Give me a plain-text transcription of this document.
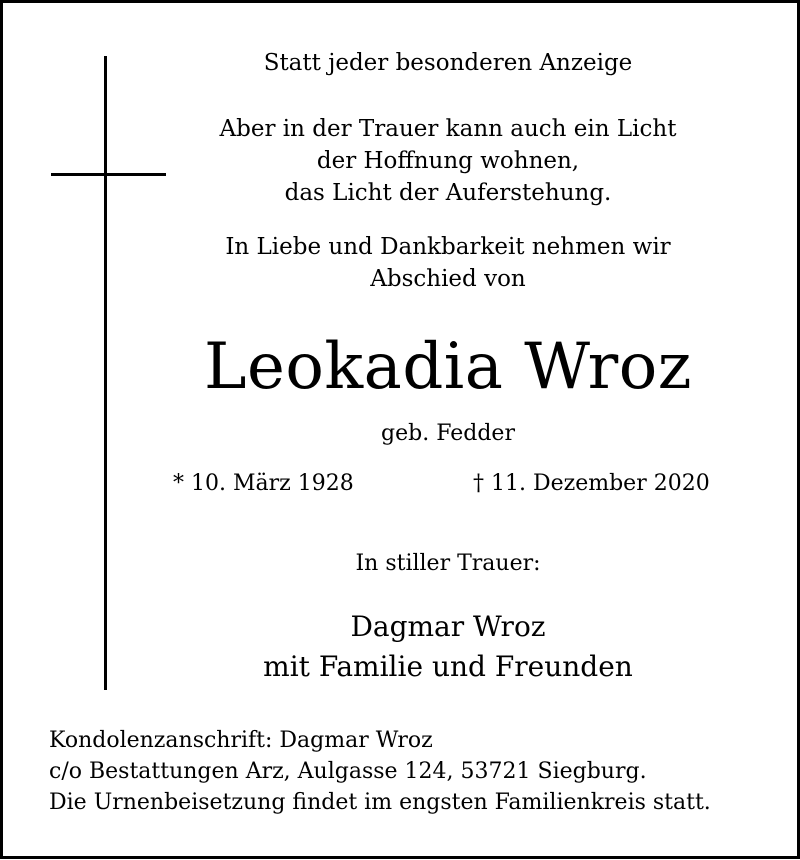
Statt jeder besonderen Anzeige
Aber in der Trauer kann auch ein Licht
der Hoffnung wohnen,
das Licht der Auferstehung.
In Liebe und Dankbarkeit nehmen wir
Abschied von
Leokadia Wroz
geb. Fedder
* 10. März 1928	† 11. Dezember 2020
In stiller Trauer:
Dagmar Wroz
mit Familie und Freunden
Kondolenzanschrift: Dagmar Wroz
c/o Bestattungen Arz, Aulgasse 124, 53721 Siegburg.
Die Urnenbeisetzung findet im engsten Familienkreis statt.
